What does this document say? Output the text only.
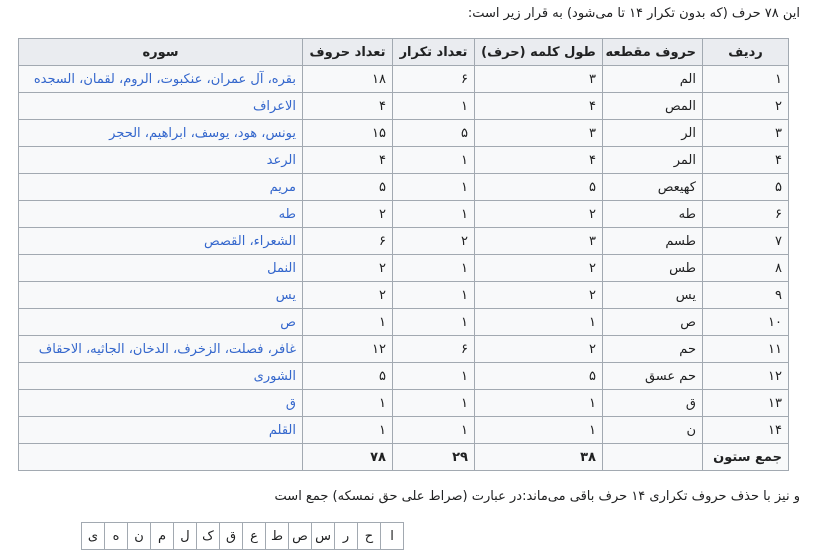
این ۷۸ حرف (که بدون تکرار ۱۴ تا می‌شود) به قرار زیر است:
ردیف	حروف مقطعه	طول کلمه (حرف)	تعداد تکرار	تعداد حروف	سوره
۱	الم	۳	۶	۱۸	بقره، آل عمران، عنکبوت، الروم، لقمان، السجده
۲	المص	۴	۱	۴	الاعراف
۳	الر	۳	۵	۱۵	یونس، هود، یوسف، ابراهیم، الحجر
۴	المر	۴	۱	۴	الرعد
۵	کهیعص	۵	۱	۵	مریم
۶	طه	۲	۱	۲	طه
۷	طسم	۳	۲	۶	الشعراء، القصص
۸	طس	۲	۱	۲	النمل
۹	یس	۲	۱	۲	یس
۱۰	ص	۱	۱	۱	ص
۱۱	حم	۲	۶	۱۲	غافر، فصلت، الزخرف، الدخان، الجاثیه، الاحقاف
۱۲	حم عسق	۵	۱	۵	الشوری
۱۳	ق	۱	۱	۱	ق
۱۴	ن	۱	۱	۱	القلم
جمع ستون		۳۸	۲۹	۷۸	
و نیز با حذف حروف تکراری ۱۴ حرف باقی می‌ماند:در عبارت (صراط علی حق نمسکه) جمع است
ا	ح	ر	س	ص	ط	ع	ق	ک	ل	م	ن	ه	ی
